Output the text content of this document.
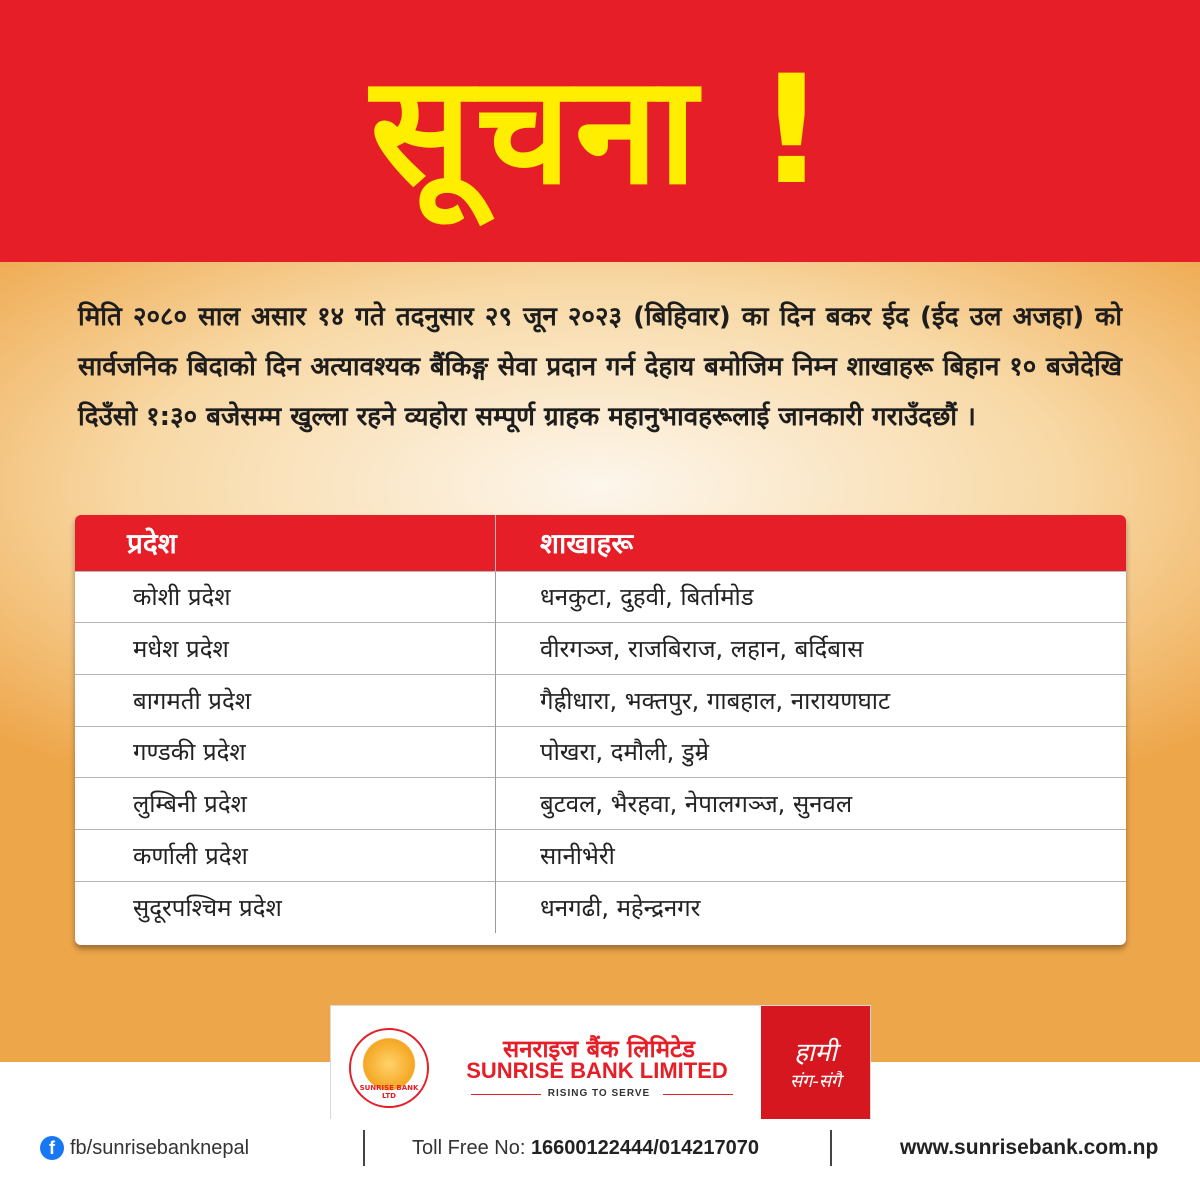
सूचना !
मिति २०८० साल असार १४ गते तदनुसार २९ जून २०२३ (बिहिवार) का दिन बकर ईद (ईद उल अजहा) को सार्वजनिक बिदाको दिन अत्यावश्यक बैंकिङ्ग सेवा प्रदान गर्न देहाय बमोजिम निम्न शाखाहरू बिहान १० बजेदेखि दिउँसो १:३० बजेसम्म खुल्ला रहने व्यहोरा सम्पूर्ण ग्राहक महानुभावहरूलाई जानकारी गराउँदछौं ।
प्रदेश	शाखाहरू
कोशी प्रदेश	धनकुटा, दुहवी, बिर्तामोड
मधेश प्रदेश	वीरगञ्ज, राजबिराज, लहान, बर्दिबास
बागमती प्रदेश	गैह्रीधारा, भक्तपुर, गाबहाल, नारायणघाट
गण्डकी प्रदेश	पोखरा, दमौली, डुम्रे
लुम्बिनी प्रदेश	बुटवल, भैरहवा, नेपालगञ्ज, सुनवल
कर्णाली प्रदेश	सानीभेरी
सुदूरपश्चिम प्रदेश	धनगढी, महेन्द्रनगर
SUNRISE BANK LTD
सनराइज बैंक लिमिटेड
SUNRISE BANK LIMITED
RISING TO SERVE
हामी
संग-संगै
f fb/sunrisebanknepal	Toll Free No: 16600122444/014217070	www.sunrisebank.com.np
